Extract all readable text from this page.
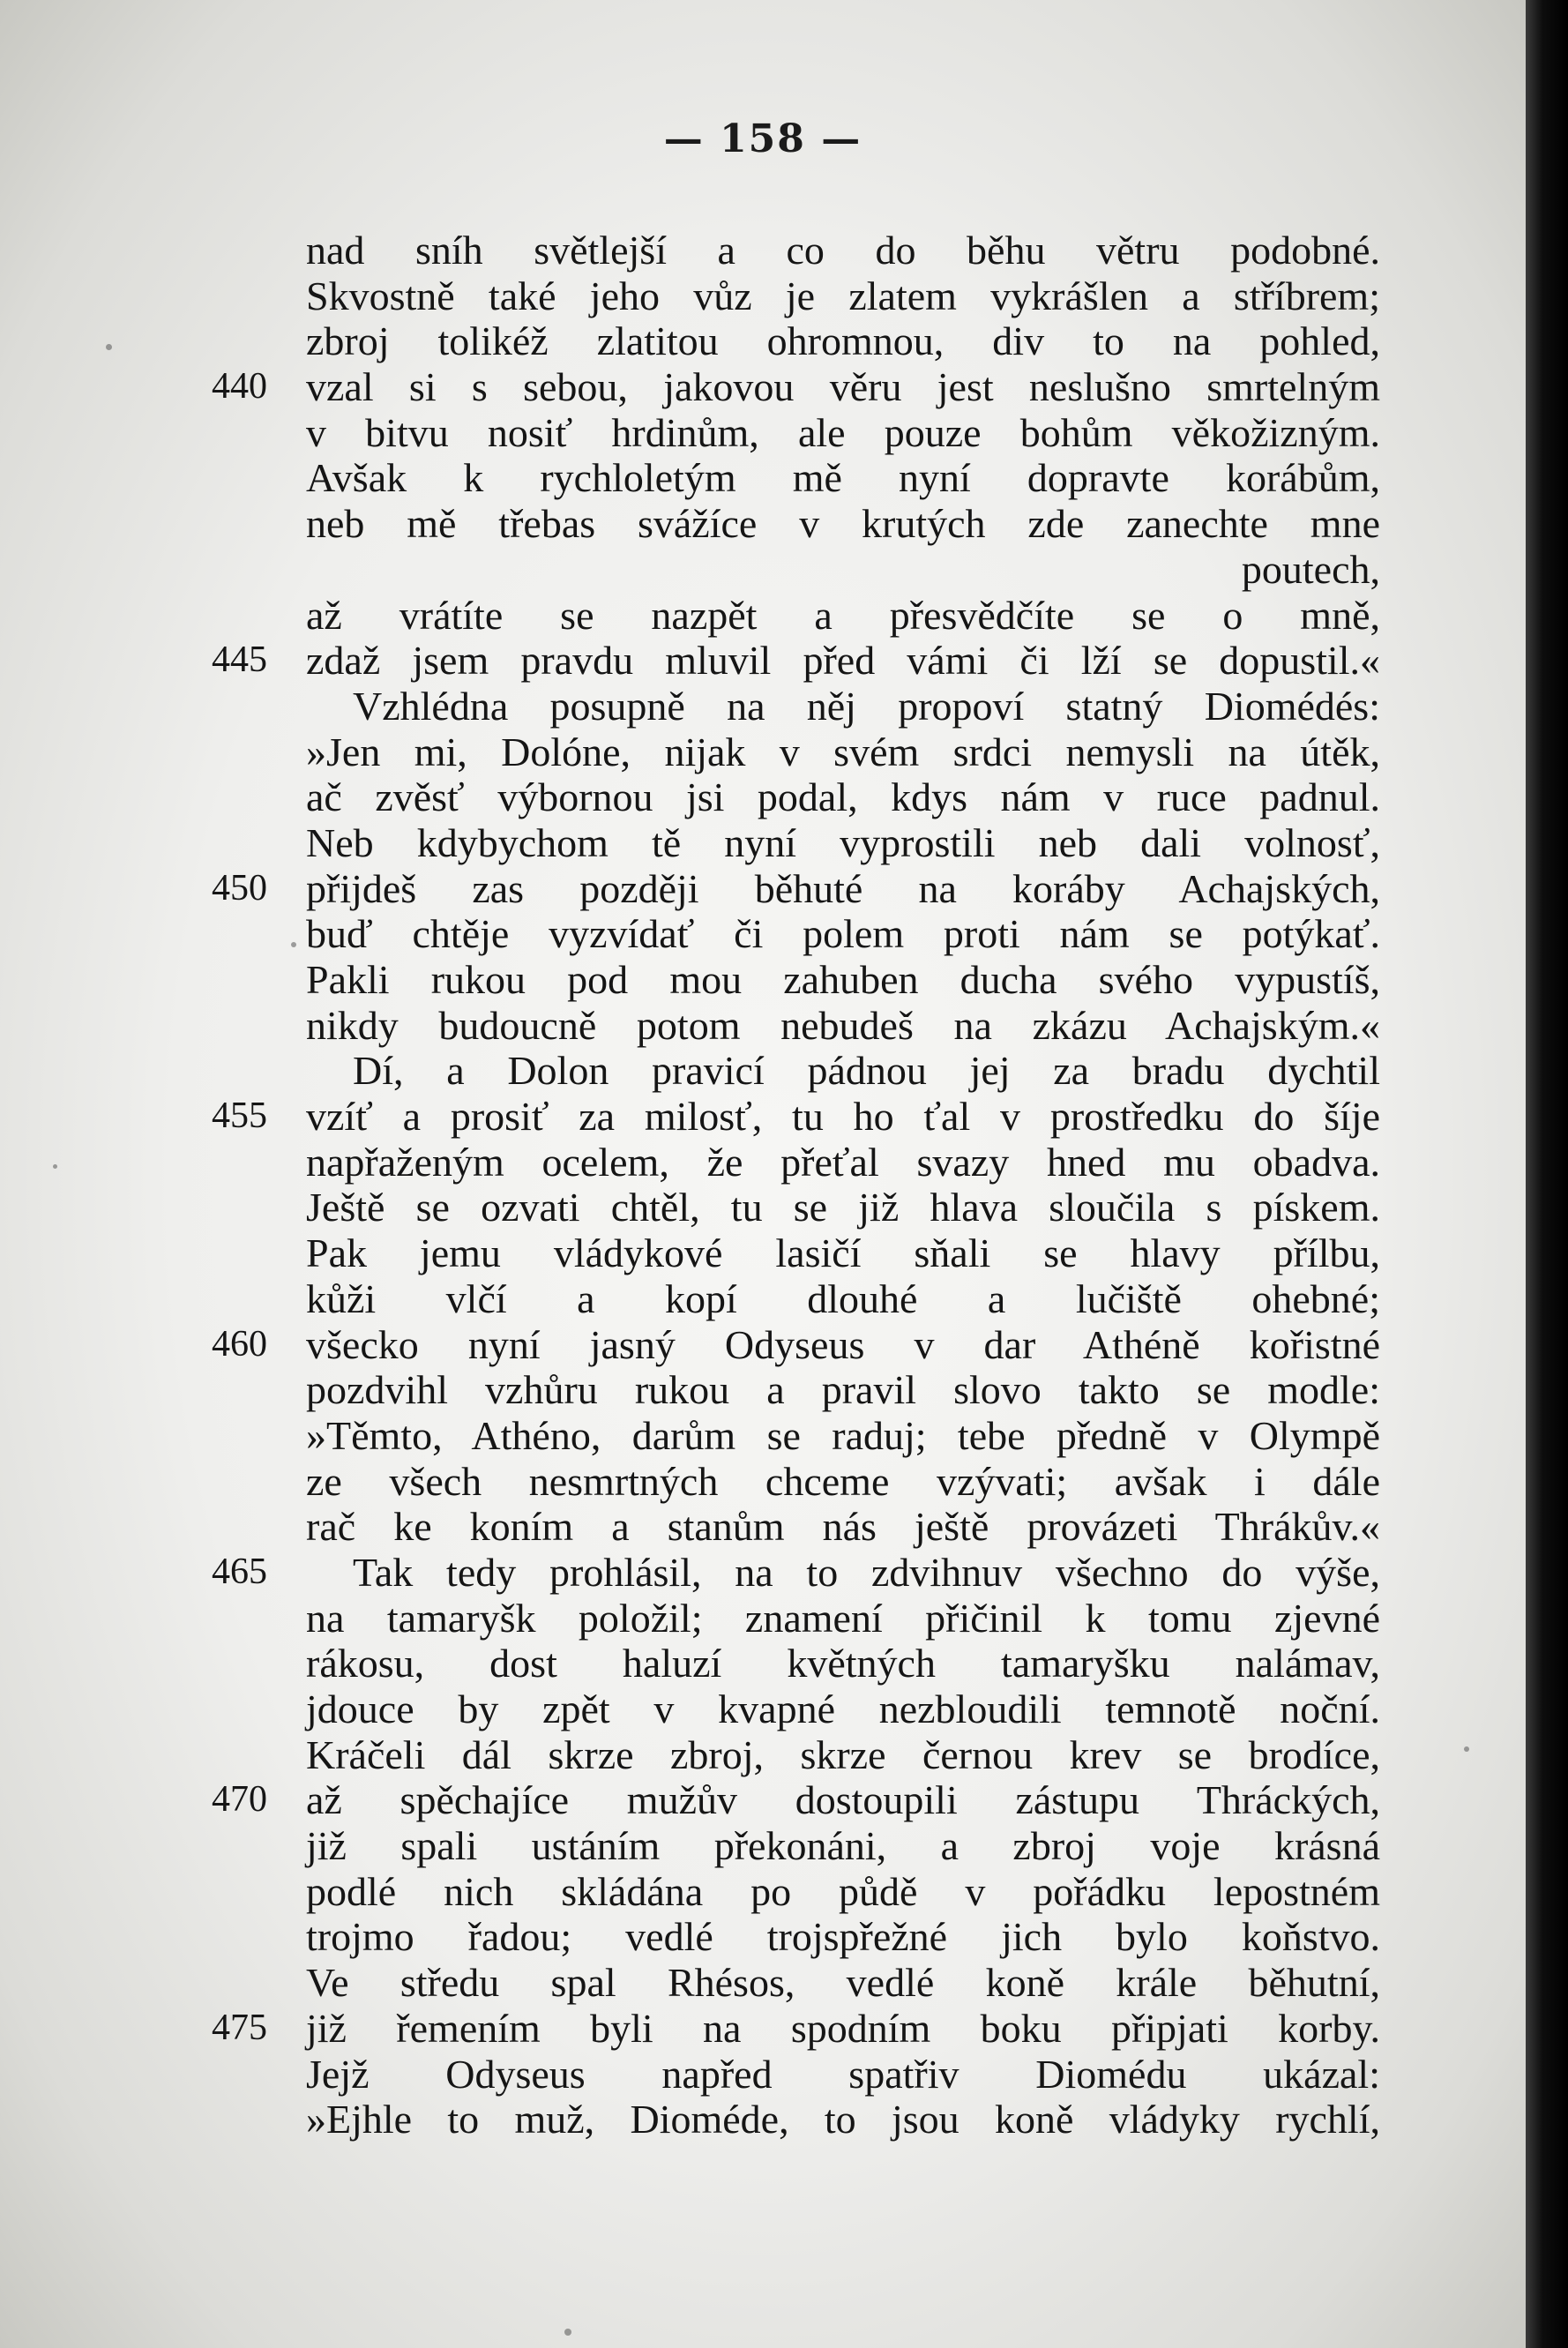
— 158 —
nad sníh světlejší a co do běhu větru podobné.
Skvostně také jeho vůz je zlatem vykrášlen a stříbrem;
zbroj tolikéž zlatitou ohromnou, div to na pohled,
440 vzal si s sebou, jakovou věru jest neslušno smrtelným
v bitvu nosiť hrdinům, ale pouze bohům věkožizným.
Avšak k rychloletým mě nyní dopravte korábům,
neb mě třebas svážíce v krutých zde zanechte mne
poutech,
až vrátíte se nazpět a přesvědčíte se o mně,
445 zdaž jsem pravdu mluvil před vámi či lží se dopustil.«
Vzhlédna posupně na něj propoví statný Diomédés:
»Jen mi, Dolóne, nijak v svém srdci nemysli na útěk,
ač zvěsť výbornou jsi podal, kdys nám v ruce padnul.
Neb kdybychom tě nyní vyprostili neb dali volnosť,
450 přijdeš zas později běhuté na koráby Achajských,
buď chtěje vyzvídať či polem proti nám se potýkať.
Pakli rukou pod mou zahuben ducha svého vypustíš,
nikdy budoucně potom nebudeš na zkázu Achajským.«
Dí, a Dolon pravicí pádnou jej za bradu dychtil
455 vzíť a prosiť za milosť, tu ho ťal v prostředku do šíje
napřaženým ocelem, že přeťal svazy hned mu obadva.
Ještě se ozvati chtěl, tu se již hlava sloučila s pískem.
Pak jemu vládykové lasičí sňali se hlavy přílbu,
kůži vlčí a kopí dlouhé a lučiště ohebné;
460 všecko nyní jasný Odyseus v dar Athéně kořistné
pozdvihl vzhůru rukou a pravil slovo takto se modle:
»Těmto, Athéno, darům se raduj; tebe předně v Olympě
ze všech nesmrtných chceme vzývati; avšak i dále
rač ke koním a stanům nás ještě provázeti Thrákův.«
465	Tak tedy prohlásil, na to zdvihnuv všechno do výše,
na tamaryšk položil; znamení přičinil k tomu zjevné
rákosu, dost haluzí květných tamaryšku nalámav,
jdouce by zpět v kvapné nezbloudili temnotě noční.
Kráčeli dál skrze zbroj, skrze černou krev se brodíce,
470 až spěchajíce mužův dostoupili zástupu Thráckých,
již spali ustáním překonáni, a zbroj voje krásná
podlé nich skládána po půdě v pořádku lepostném
trojmo řadou; vedlé trojspřežné jich bylo koňstvo.
Ve středu spal Rhésos, vedlé koně krále běhutní,
475 již řemením byli na spodním boku připjati korby.
Jejž Odyseus napřed spatřiv Diomédu ukázal:
»Ejhle to muž, Dioméde, to jsou koně vládyky rychlí,
